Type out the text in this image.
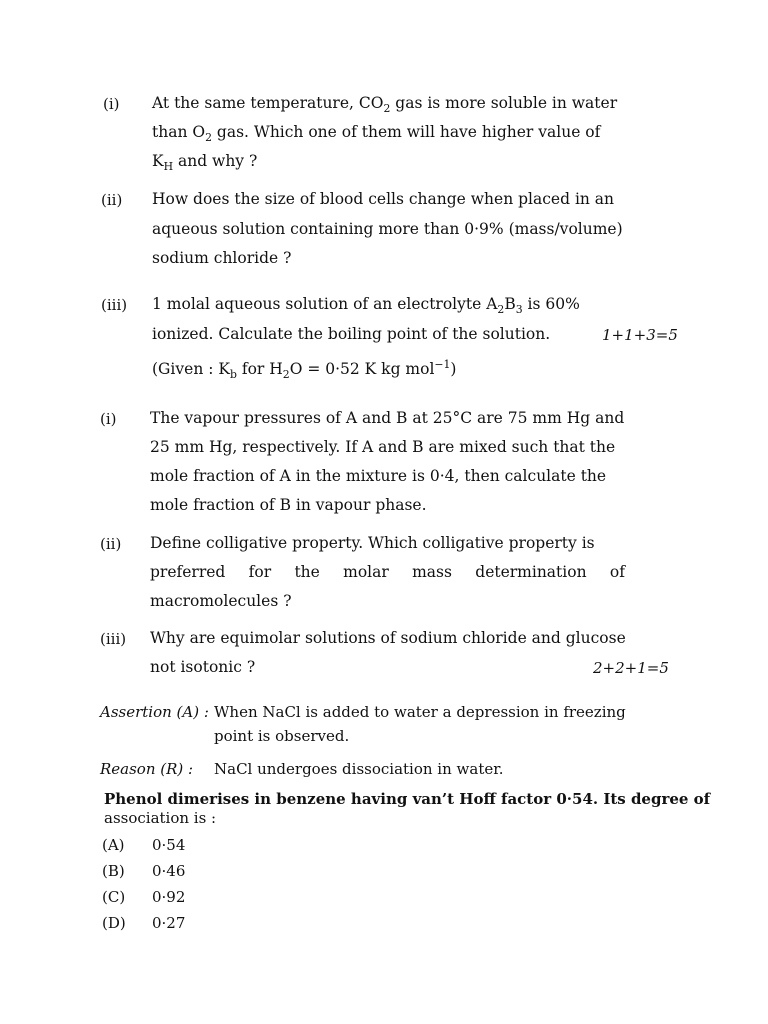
(i) At the same temperature, $CO_2$ gas is more soluble in water
than $O_2$ gas. Which one of them will have higher value of
$K_H$ and why ?
(ii) How does the size of blood cells change when placed in an
aqueous solution containing more than 0·9% (mass/volume)
sodium chloride ?
(iii) 1 molal aqueous solution of an electrolyte $A_2B_3$ is 60%
ionized. Calculate the boiling point of the solution.	1+1+3=5
(Given : $K_b$ for $H_2O = 0\cdot 52$ K kg mol$^{-1}$)
(i) The vapour pressures of A and B at 25°C are 75 mm Hg and
25 mm Hg, respectively. If A and B are mixed such that the
mole fraction of A in the mixture is 0·4, then calculate the
mole fraction of B in vapour phase.
(ii) Define colligative property. Which colligative property is
preferred for the molar mass determination of
macromolecules ?
(iii) Why are equimolar solutions of sodium chloride and glucose
not isotonic ?	2+2+1=5
Assertion (A) : When NaCl is added to water a depression in freezing
point is observed.
Reason (R) : NaCl undergoes dissociation in water.
Phenol dimerises in benzene having van’t Hoff factor 0·54. Its degree of
association is :
(A) 0·54
(B) 0·46
(C) 0·92
(D) 0·27
